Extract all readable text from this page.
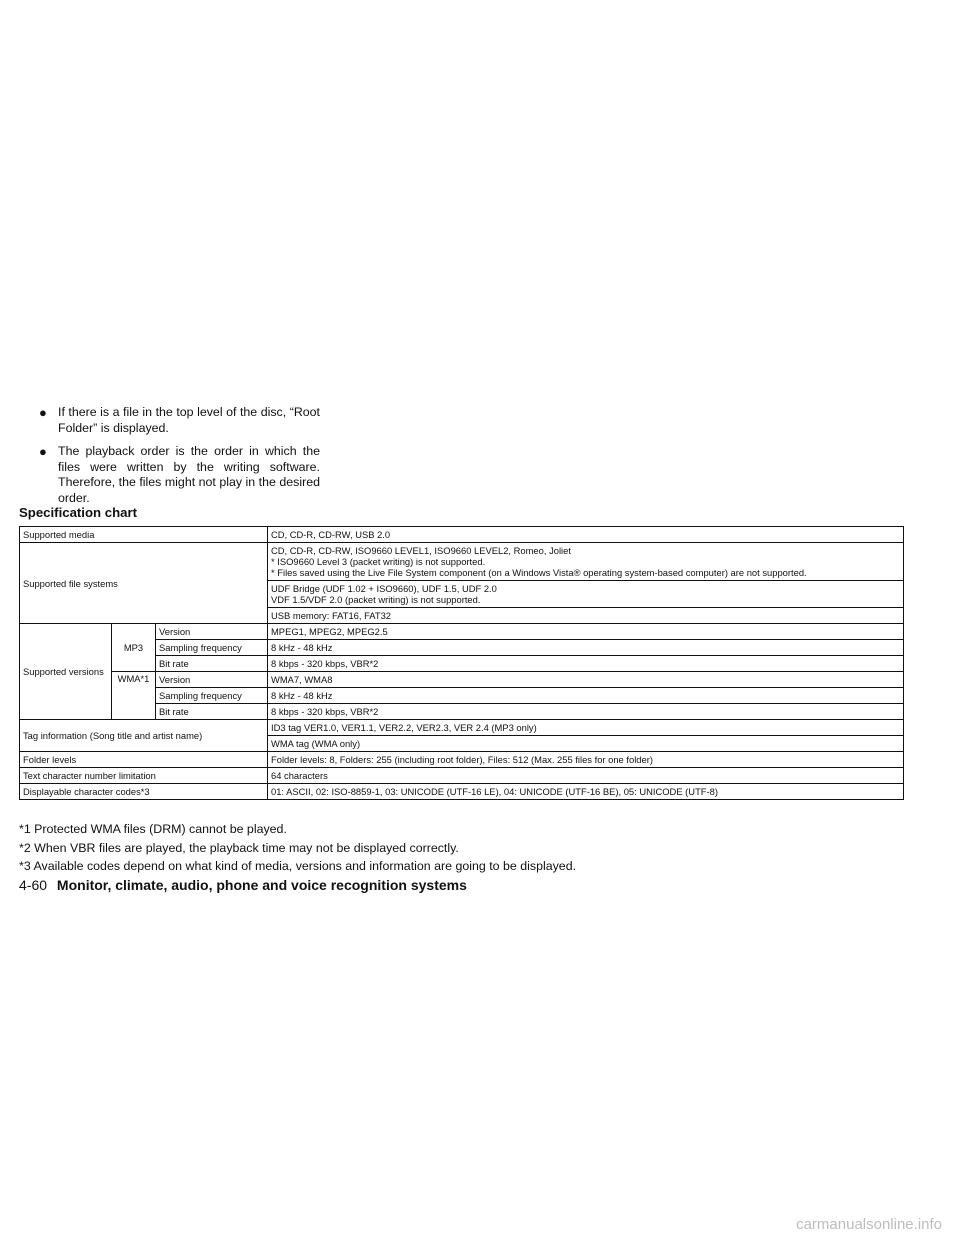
● If there is a file in the top level of the disc, “Root Folder” is displayed.
● The playback order is the order in which the files were written by the writing software. Therefore, the files might not play in the desired order.
Specification chart
Supported media			CD, CD-R, CD-RW, USB 2.0
Supported file systems			CD, CD-R, CD-RW, ISO9660 LEVEL1, ISO9660 LEVEL2, Romeo, Joliet
* ISO9660 Level 3 (packet writing) is not supported.
* Files saved using the Live File System component (on a Windows Vista® operating system-based computer) are not supported.

			UDF Bridge (UDF 1.02 + ISO9660), UDF 1.5, UDF 2.0
VDF 1.5/VDF 2.0 (packet writing) is not supported.

			USB memory: FAT16, FAT32
Supported versions	MP3	Version	MPEG1, MPEG2, MPEG2.5
		Sampling frequency	8 kHz - 48 kHz
		Bit rate	8 kbps - 320 kbps, VBR*2
	WMA*1	Version	WMA7, WMA8
		Sampling frequency	8 kHz - 48 kHz
		Bit rate	8 kbps - 320 kbps, VBR*2
Tag information (Song title and artist name)			ID3 tag VER1.0, VER1.1, VER2.2, VER2.3, VER 2.4 (MP3 only)
			WMA tag (WMA only)
Folder levels			Folder levels: 8, Folders: 255 (including root folder), Files: 512 (Max. 255 files for one folder)
Text character number limitation			64 characters
Displayable character codes*3			01: ASCII, 02: ISO-8859-1, 03: UNICODE (UTF-16 LE), 04: UNICODE (UTF-16 BE), 05: UNICODE (UTF-8)
*1 Protected WMA files (DRM) cannot be played.
*2 When VBR files are played, the playback time may not be displayed correctly.
*3 Available codes depend on what kind of media, versions and information are going to be displayed.
4-60 Monitor, climate, audio, phone and voice recognition systems
carmanualsonline.info
